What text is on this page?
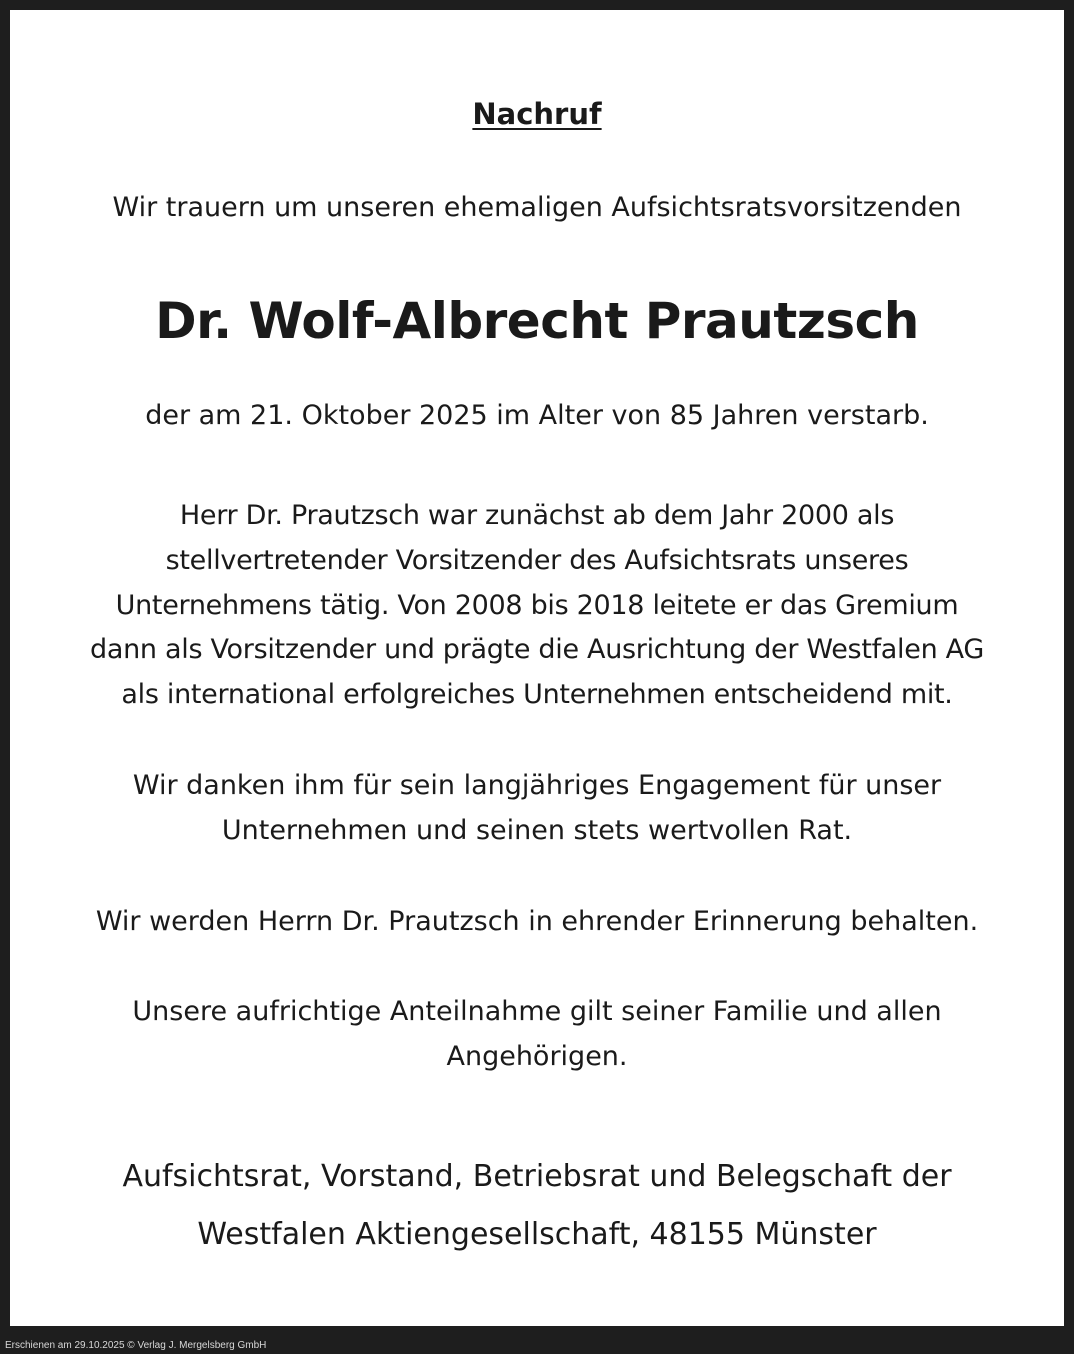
Nachruf
Wir trauern um unseren ehemaligen Aufsichtsratsvorsitzenden
Dr. Wolf-Albrecht Prautzsch
der am 21. Oktober 2025 im Alter von 85 Jahren verstarb.
Herr Dr. Prautzsch war zunächst ab dem Jahr 2000 als
stellvertretender Vorsitzender des Aufsichtsrats unseres
Unternehmens tätig. Von 2008 bis 2018 leitete er das Gremium
dann als Vorsitzender und prägte die Ausrichtung der Westfalen AG
als international erfolgreiches Unternehmen entscheidend mit.
Wir danken ihm für sein langjähriges Engagement für unser
Unternehmen und seinen stets wertvollen Rat.
Wir werden Herrn Dr. Prautzsch in ehrender Erinnerung behalten.
Unsere aufrichtige Anteilnahme gilt seiner Familie und allen
Angehörigen.
Aufsichtsrat, Vorstand, Betriebsrat und Belegschaft der
Westfalen Aktiengesellschaft, 48155 Münster
Erschienen am 29.10.2025 © Verlag J. Mergelsberg GmbH
